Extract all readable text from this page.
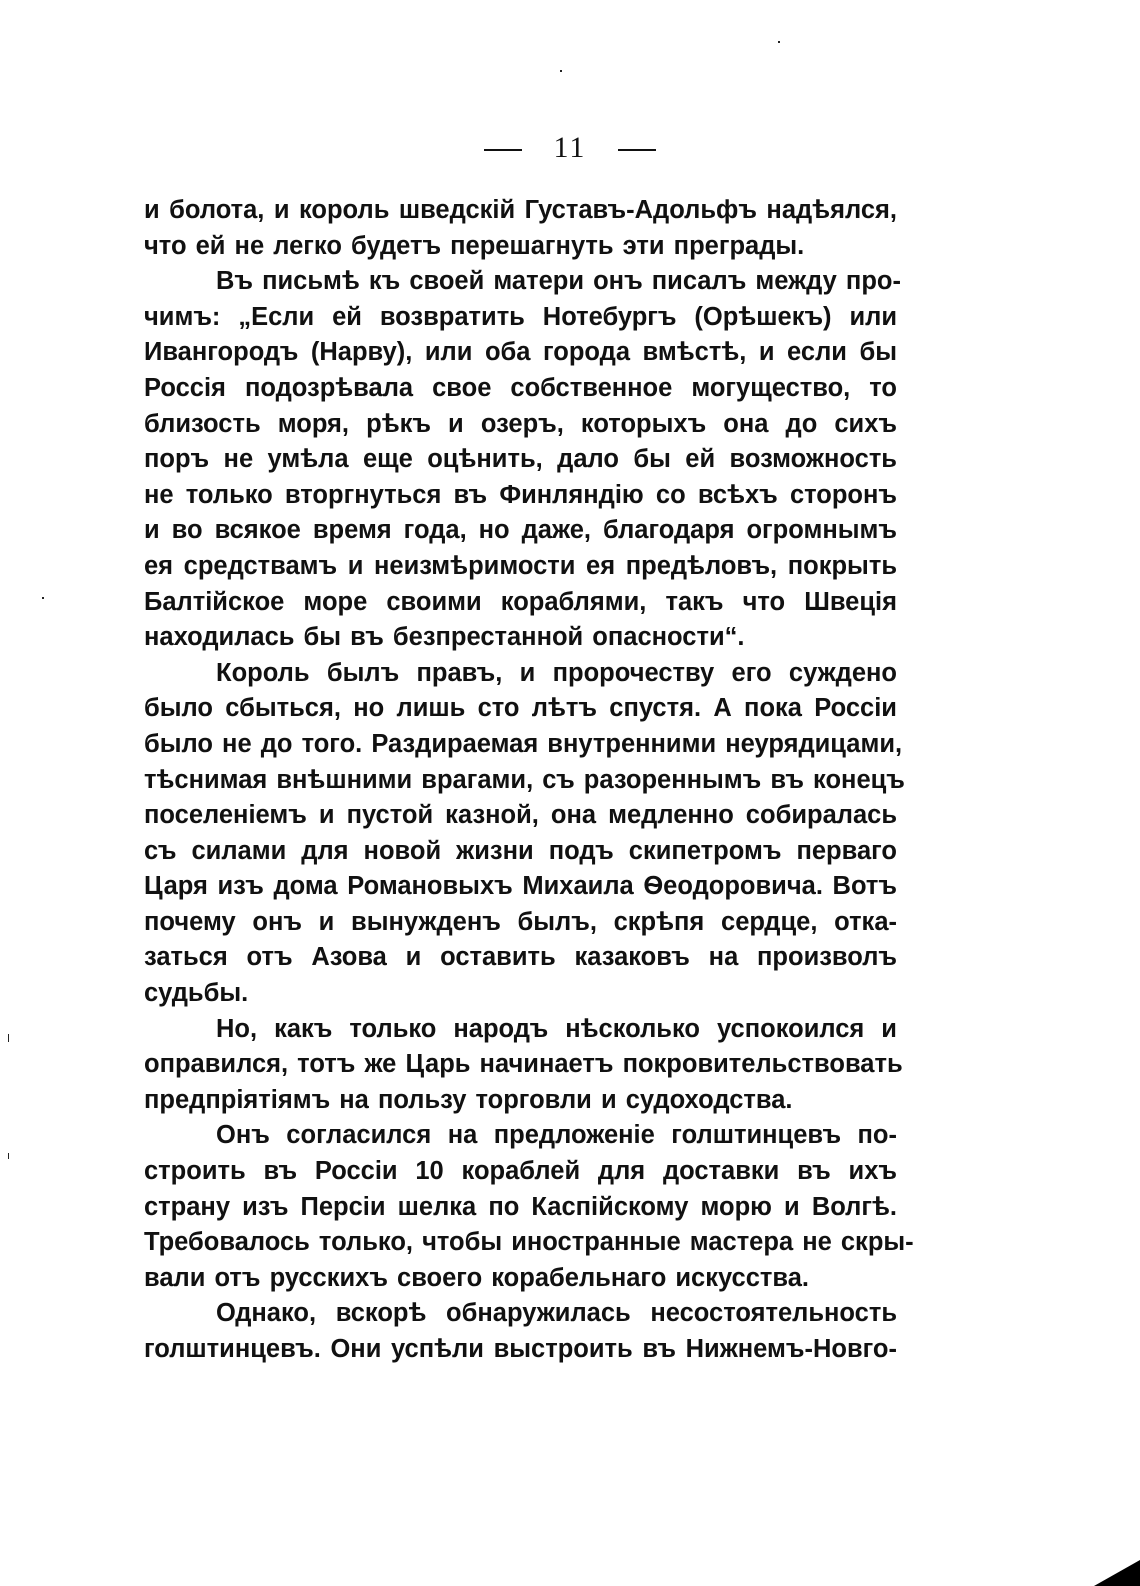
11
и болота, и король шведскій Густавъ-Адольфъ надѣялся,
что ей не легко будетъ перешагнуть эти преграды.
Въ письмѣ къ своей матери онъ писалъ между про-
чимъ: „Если ей возвратить Нотебургъ (Орѣшекъ) или
Ивангородъ (Нарву), или оба города вмѣстѣ, и если бы
Россія подозрѣвала свое собственное могущество, то
близость моря, рѣкъ и озеръ, которыхъ она до сихъ
поръ не умѣла еще оцѣнить, дало бы ей возможность
не только вторгнуться въ Финляндію со всѣхъ сторонъ
и во всякое время года, но даже, благодаря огромнымъ
ея средствамъ и неизмѣримости ея предѣловъ, покрыть
Балтійское море своими кораблями, такъ что Швеція
находилась бы въ безпрестанной опасности“.
Король былъ правъ, и пророчеству его суждено
было сбыться, но лишь сто лѣтъ спустя. А пока Россіи
было не до того. Раздираемая внутренними неурядицами,
тѣснимая внѣшними врагами, съ разореннымъ въ конецъ
поселеніемъ и пустой казной, она медленно собиралась
съ силами для новой жизни подъ скипетромъ перваго
Царя изъ дома Романовыхъ Михаила Ѳеодоровича. Вотъ
почему онъ и вынужденъ былъ, скрѣпя сердце, отка-
заться отъ Азова и оставить казаковъ на произволъ
судьбы.
Но, какъ только народъ нѣсколько успокоился и
оправился, тотъ же Царь начинаетъ покровительствовать
предпріятіямъ на пользу торговли и судоходства.
Онъ согласился на предложеніе голштинцевъ по-
строить въ Россіи 10 кораблей для доставки въ ихъ
страну изъ Персіи шелка по Каспійскому морю и Волгѣ.
Требовалось только, чтобы иностранные мастера не скры-
вали отъ русскихъ своего корабельнаго искусства.
Однако, вскорѣ обнаружилась несостоятельность
голштинцевъ. Они успѣли выстроить въ Нижнемъ-Новго-
